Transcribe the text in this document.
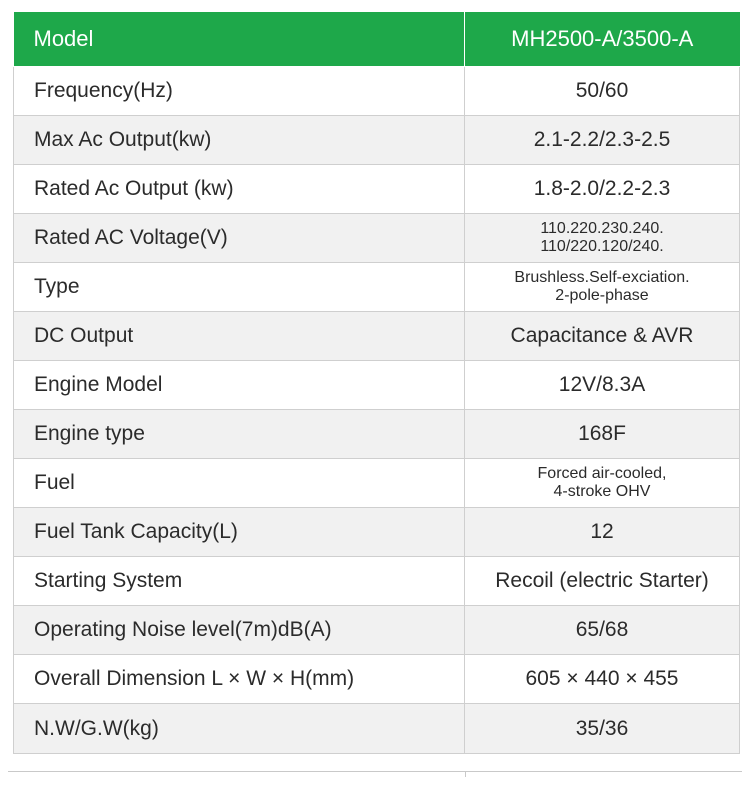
Model	MH2500-A/3500-A
Frequency(Hz)	50/60
Max Ac Output(kw)	2.1-2.2/2.3-2.5
Rated Ac Output (kw)	1.8-2.0/2.2-2.3
Rated AC Voltage(V)	110.220.230.240.
110/220.120/240.

Type	Brushless.Self-exciation.
2-pole-phase

DC Output	Capacitance & AVR
Engine Model	12V/8.3A
Engine type	168F
Fuel	Forced air-cooled,
4-stroke OHV

Fuel Tank Capacity(L)	12
Starting System	Recoil (electric Starter)
Operating Noise level(7m)dB(A)	65/68
Overall Dimension L × W × H(mm)	605 × 440 × 455
N.W/G.W(kg)	35/36
